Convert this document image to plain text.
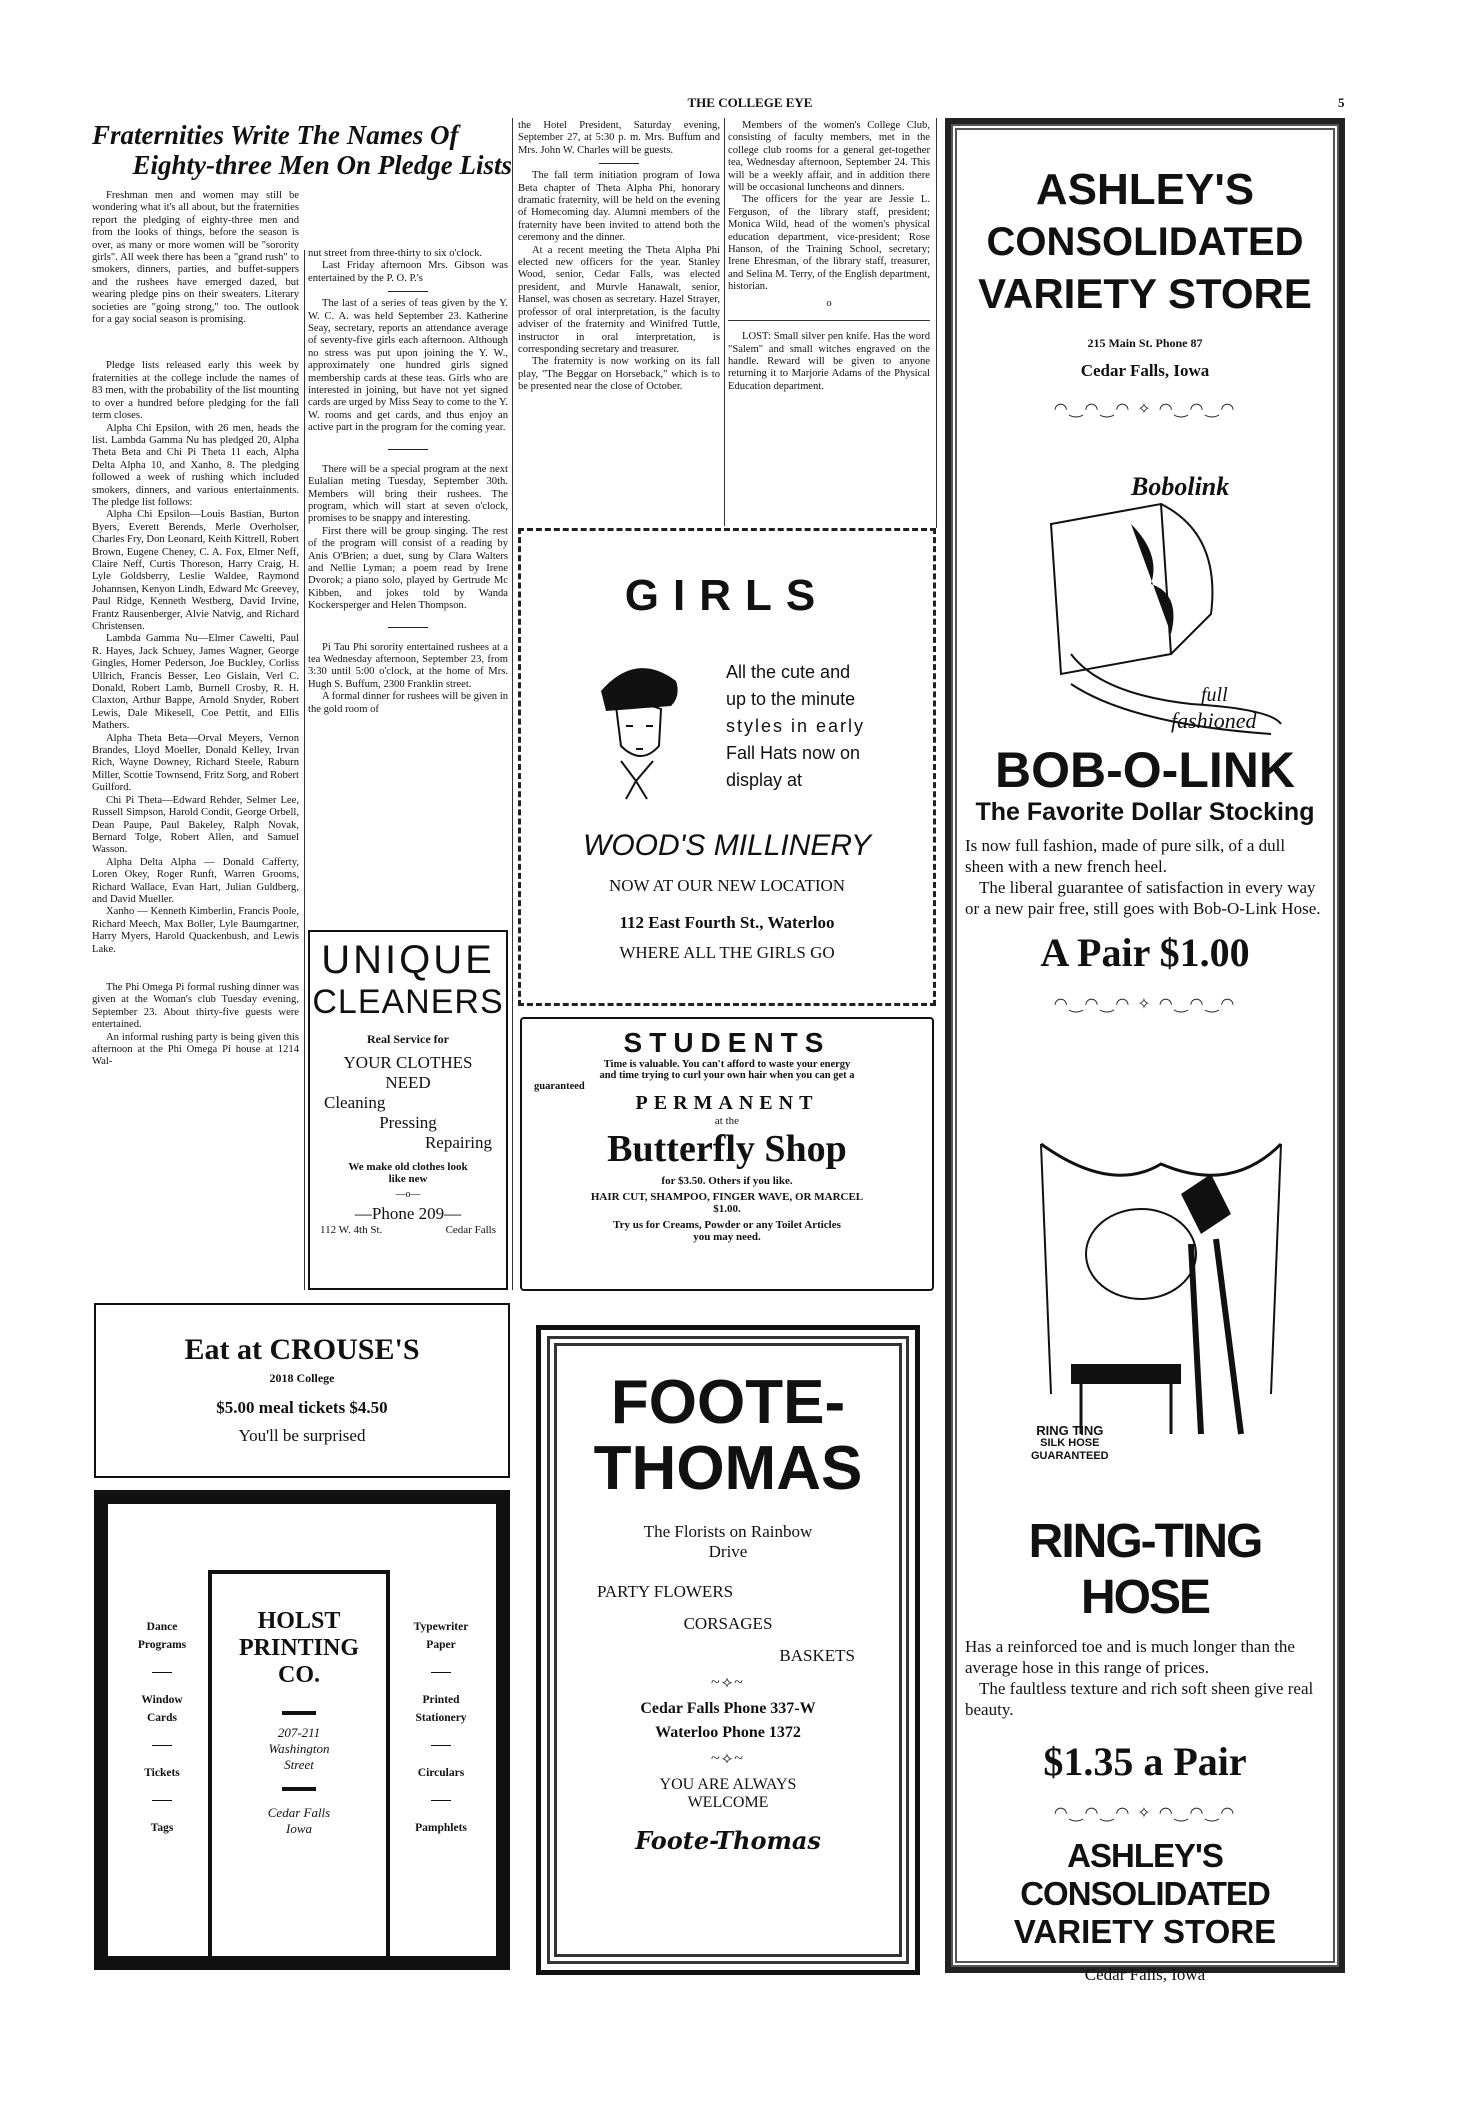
THE COLLEGE EYE	5
Fraternities Write The Names Of
Eighty-three Men On Pledge Lists

Freshman men and women may still be wondering what it's all about, but the fraternities report the pledging of eighty-three men and from the looks of things, before the season is over, as many or more women will be "sorority girls". All week there has been a "grand rush" to smokers, dinners, parties, and buffet-suppers and the rushees have emerged dazed, but wearing pledge pins on their sweaters. Literary societies are "going strong," too. The outlook for a gay social season is promising.

Pledge lists released early this week by fraternities at the college include the names of 83 men, with the probability of the list mounting to over a hundred before pledging for the fall term closes.

Alpha Chi Epsilon, with 26 men, heads the list. Lambda Gamma Nu has pledged 20, Alpha Theta Beta and Chi Pi Theta 11 each, Alpha Delta Alpha 10, and Xanho, 8. The pledging followed a week of rushing which included smokers, dinners, and various entertainments. The pledge list follows:

Alpha Chi Epsilon—Louis Bastian, Burton Byers, Everett Berends, Merle Overholser, Charles Fry, Don Leonard, Keith Kittrell, Robert Brown, Eugene Cheney, C. A. Fox, Elmer Neff, Claire Neff, Curtis Thoreson, Harry Craig, H. Lyle Goldsberry, Leslie Waldee, Raymond Johannsen, Kenyon Lindh, Edward Mc Greevey, Paul Ridge, Kenneth Westberg, David Irvine, Frantz Rausenberger, Alvie Natvig, and Richard Christensen.

Lambda Gamma Nu—Elmer Cawelti, Paul R. Hayes, Jack Schuey, James Wagner, George Gingles, Homer Pederson, Joe Buckley, Corliss Ullrich, Francis Besser, Leo Gislain, Verl C. Donald, Robert Lamb, Burnell Crosby, R. H. Claxton, Arthur Bappe, Arnold Snyder, Robert Lewis, Dale Mikesell, Coe Pettit, and Ellis Mathers.

Alpha Theta Beta—Orval Meyers, Vernon Brandes, Lloyd Moeller, Donald Kelley, Irvan Rich, Wayne Downey, Richard Steele, Raburn Miller, Scottie Townsend, Fritz Sorg, and Robert Guilford.

Chi Pi Theta—Edward Rehder, Selmer Lee, Russell Simpson, Harold Condit, George Orbell, Dean Paupe, Paul Bakeley, Ralph Novak, Bernard Tolge, Robert Allen, and Samuel Wasson.

Alpha Delta Alpha — Donald Cafferty, Loren Okey, Roger Runft, Warren Grooms, Richard Wallace, Evan Hart, Julian Guldberg, and David Mueller.

Xanho — Kenneth Kimberlin, Francis Poole, Richard Meech, Max Boller, Lyle Baumgartner, Harry Myers, Harold Quackenbush, and Lewis Lake.

The Phi Omega Pi formal rushing dinner was given at the Woman's club Tuesday evening, September 23. About thirty-five guests were entertained.

An informal rushing party is being given this afternoon at the Phi Omega Pi house at 1214 Wal-

nut street from three-thirty to six o'clock.

Last Friday afternoon Mrs. Gibson was entertained by the P. O. P.'s

The last of a series of teas given by the Y. W. C. A. was held September 23. Katherine Seay, secretary, reports an attendance average of seventy-five girls each afternoon. Although no stress was put upon joining the Y. W., approximately one hundred girls signed membership cards at these teas. Girls who are interested in joining, but have not yet signed cards are urged by Miss Seay to come to the Y. W. rooms and get cards, and thus enjoy an active part in the program for the coming year.

There will be a special program at the next Eulalian meting Tuesday, September 30th. Members will bring their rushees. The program, which will start at seven o'clock, promises to be snappy and interesting.

First there will be group singing. The rest of the program will consist of a reading by Anis O'Brien; a duet, sung by Clara Walters and Nellie Lyman; a poem read by Irene Dvorok; a piano solo, played by Gertrude Mc Kibben, and jokes told by Wanda Kockersperger and Helen Thompson.

Pi Tau Phi sorority entertained rushees at a tea Wednesday afternoon, September 23, from 3:30 until 5:00 o'clock, at the home of Mrs. Hugh S. Buffum, 2300 Franklin street.

A formal dinner for rushees will be given in the gold room of

the Hotel President, Saturday evening, September 27, at 5:30 p. m. Mrs. Buffum and Mrs. John W. Charles will be guests.

The fall term initiation program of Iowa Beta chapter of Theta Alpha Phi, honorary dramatic fraternity, will be held on the evening of Homecoming day. Alumni members of the fraternity have been invited to attend both the ceremony and the dinner.

At a recent meeting the Theta Alpha Phi elected new officers for the year. Stanley Wood, senior, Cedar Falls, was elected president, and Murvle Hanawalt, senior, Hansel, was chosen as secretary. Hazel Strayer, professor of oral interpretation, is the faculty adviser of the fraternity and Winifred Tuttle, instructor in oral interpretation, is corresponding secretary and treasurer.

The fraternity is now working on its fall play, "The Beggar on Horseback," which is to be presented near the close of October.

Members of the women's College Club, consisting of faculty members, met in the college club rooms for a general get-together tea, Wednesday afternoon, September 24. This will be a weekly affair, and in addition there will be occasional luncheons and dinners.

The officers for the year are Jessie L. Ferguson, of the library staff, president; Monica Wild, head of the women's physical education department, vice-president; Rose Hanson, of the Training School, secretary; Irene Ehresman, of the library staff, treasurer, and Selina M. Terry, of the English department, historian.

o

LOST: Small silver pen knife. Has the word "Salem" and small witches engraved on the handle. Reward will be given to anyone returning it to Marjorie Adams of the Physical Education department.

UNIQUE
CLEANERS
Real Service for
YOUR CLOTHES
NEED
Cleaning
Pressing
Repairing
We make old clothes look
like new
—o—
—Phone 209—
112 W. 4th St.	Cedar Falls
GIRLS
All the cute and
up to the minute
styles in early
Fall Hats now on
display at
WOOD'S MILLINERY
NOW AT OUR NEW LOCATION
112 East Fourth St., Waterloo
WHERE ALL THE GIRLS GO
STUDENTS
Time is valuable. You can't afford to waste your energy
and time trying to curl your own hair when you can get a
guaranteed
PERMANENT
at the
Butterfly Shop
for $3.50. Others if you like.
HAIR CUT, SHAMPOO, FINGER WAVE, OR MARCEL
$1.00.
Try us for Creams, Powder or any Toilet Articles
you may need.
Eat at CROUSE'S
2018 College
$5.00 meal tickets $4.50
You'll be surprised
Dance
Programs
Window
Cards
Tickets
Tags
HOLST
PRINTING
CO.
207-211
Washington
Street
Cedar Falls
Iowa
Typewriter
Paper
Printed
Stationery
Circulars
Pamphlets
FOOTE-
THOMAS
The Florists on Rainbow
Drive
PARTY FLOWERS
CORSAGES
BASKETS
~⟡~
Cedar Falls Phone 337-W
Waterloo Phone 1372
~⟡~
YOU ARE ALWAYS
WELCOME
Foote-Thomas
ASHLEY'S
CONSOLIDATED
VARIETY STORE
215 Main St. Phone 87
Cedar Falls, Iowa
◠‿◠‿◠ ✧ ◠‿◠‿◠
Bobolink
full
fashioned
BOB-O-LINK
The Favorite Dollar Stocking
Is now full fashion, made of pure silk, of a dull sheen with a new french heel.
The liberal guarantee of satisfaction in every way or a new pair free, still goes with Bob-O-Link Hose.
A Pair $1.00
◠‿◠‿◠ ✧ ◠‿◠‿◠
RING TING
SILK HOSE
GUARANTEED
RING-TING HOSE
Has a reinforced toe and is much longer than the average hose in this range of prices.
The faultless texture and rich soft sheen give real beauty.
$1.35 a Pair
◠‿◠‿◠ ✧ ◠‿◠‿◠
ASHLEY'S CONSOLIDATED
VARIETY STORE
Cedar Falls, Iowa
